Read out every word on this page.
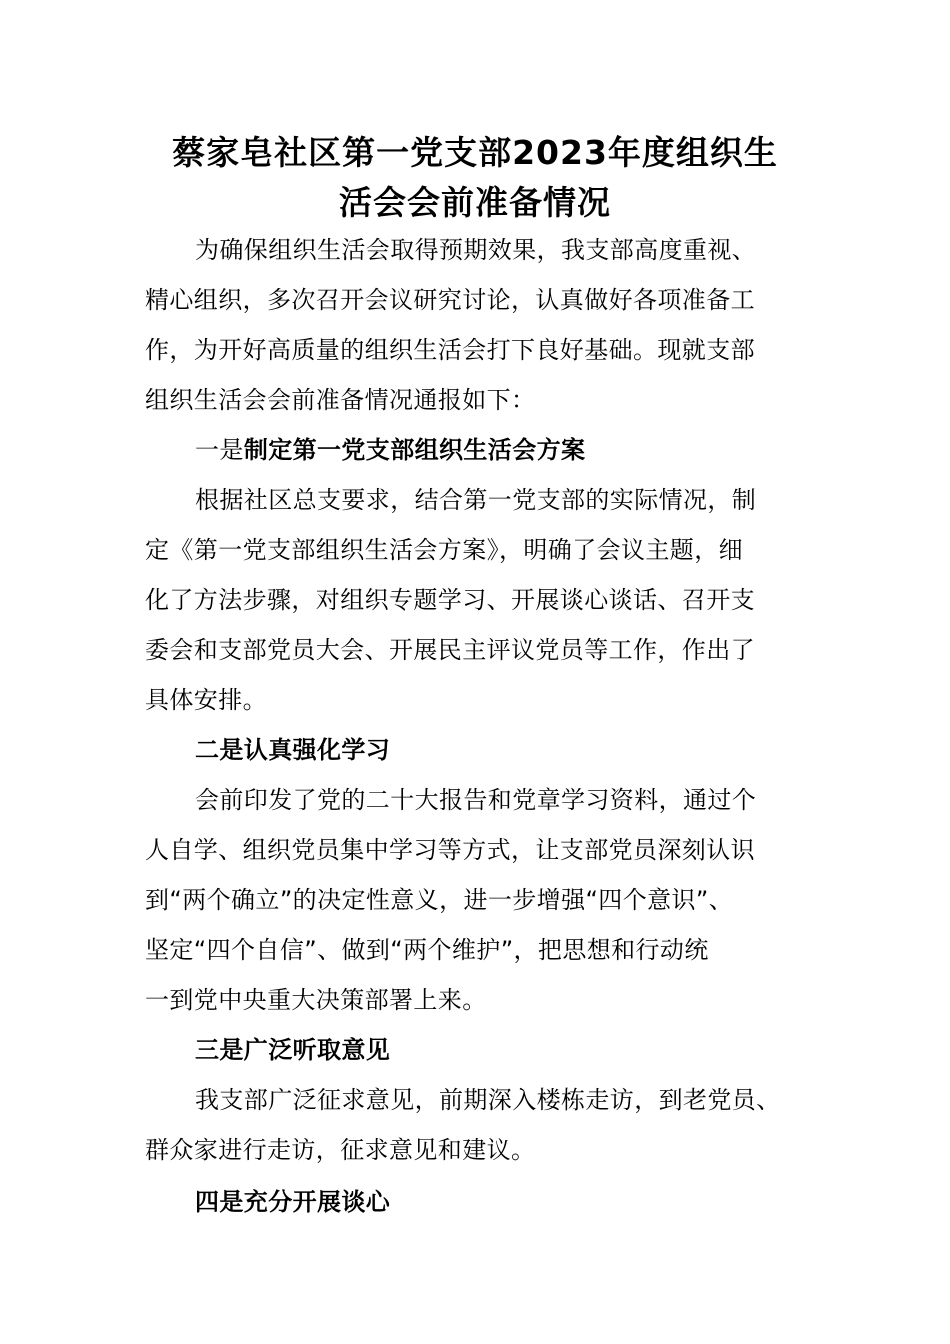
蔡家皂社区第一党支部2023年度组织生
活会会前准备情况
为确保组织生活会取得预期效果，我支部高度重视、
精心组织，多次召开会议研究讨论，认真做好各项准备工
作，为开好高质量的组织生活会打下良好基础。现就支部
组织生活会会前准备情况通报如下：
一是制定第一党支部组织生活会方案
根据社区总支要求，结合第一党支部的实际情况，制
定《第一党支部组织生活会方案》，明确了会议主题，细
化了方法步骤，对组织专题学习、开展谈心谈话、召开支
委会和支部党员大会、开展民主评议党员等工作，作出了
具体安排。
二是认真强化学习
会前印发了党的二十大报告和党章学习资料，通过个
人自学、组织党员集中学习等方式，让支部党员深刻认识
到“两个确立”的决定性意义，进一步增强“四个意识”、
坚定“四个自信”、做到“两个维护”，把思想和行动统
一到党中央重大决策部署上来。
三是广泛听取意见
我支部广泛征求意见，前期深入楼栋走访，到老党员、
群众家进行走访，征求意见和建议。
四是充分开展谈心
